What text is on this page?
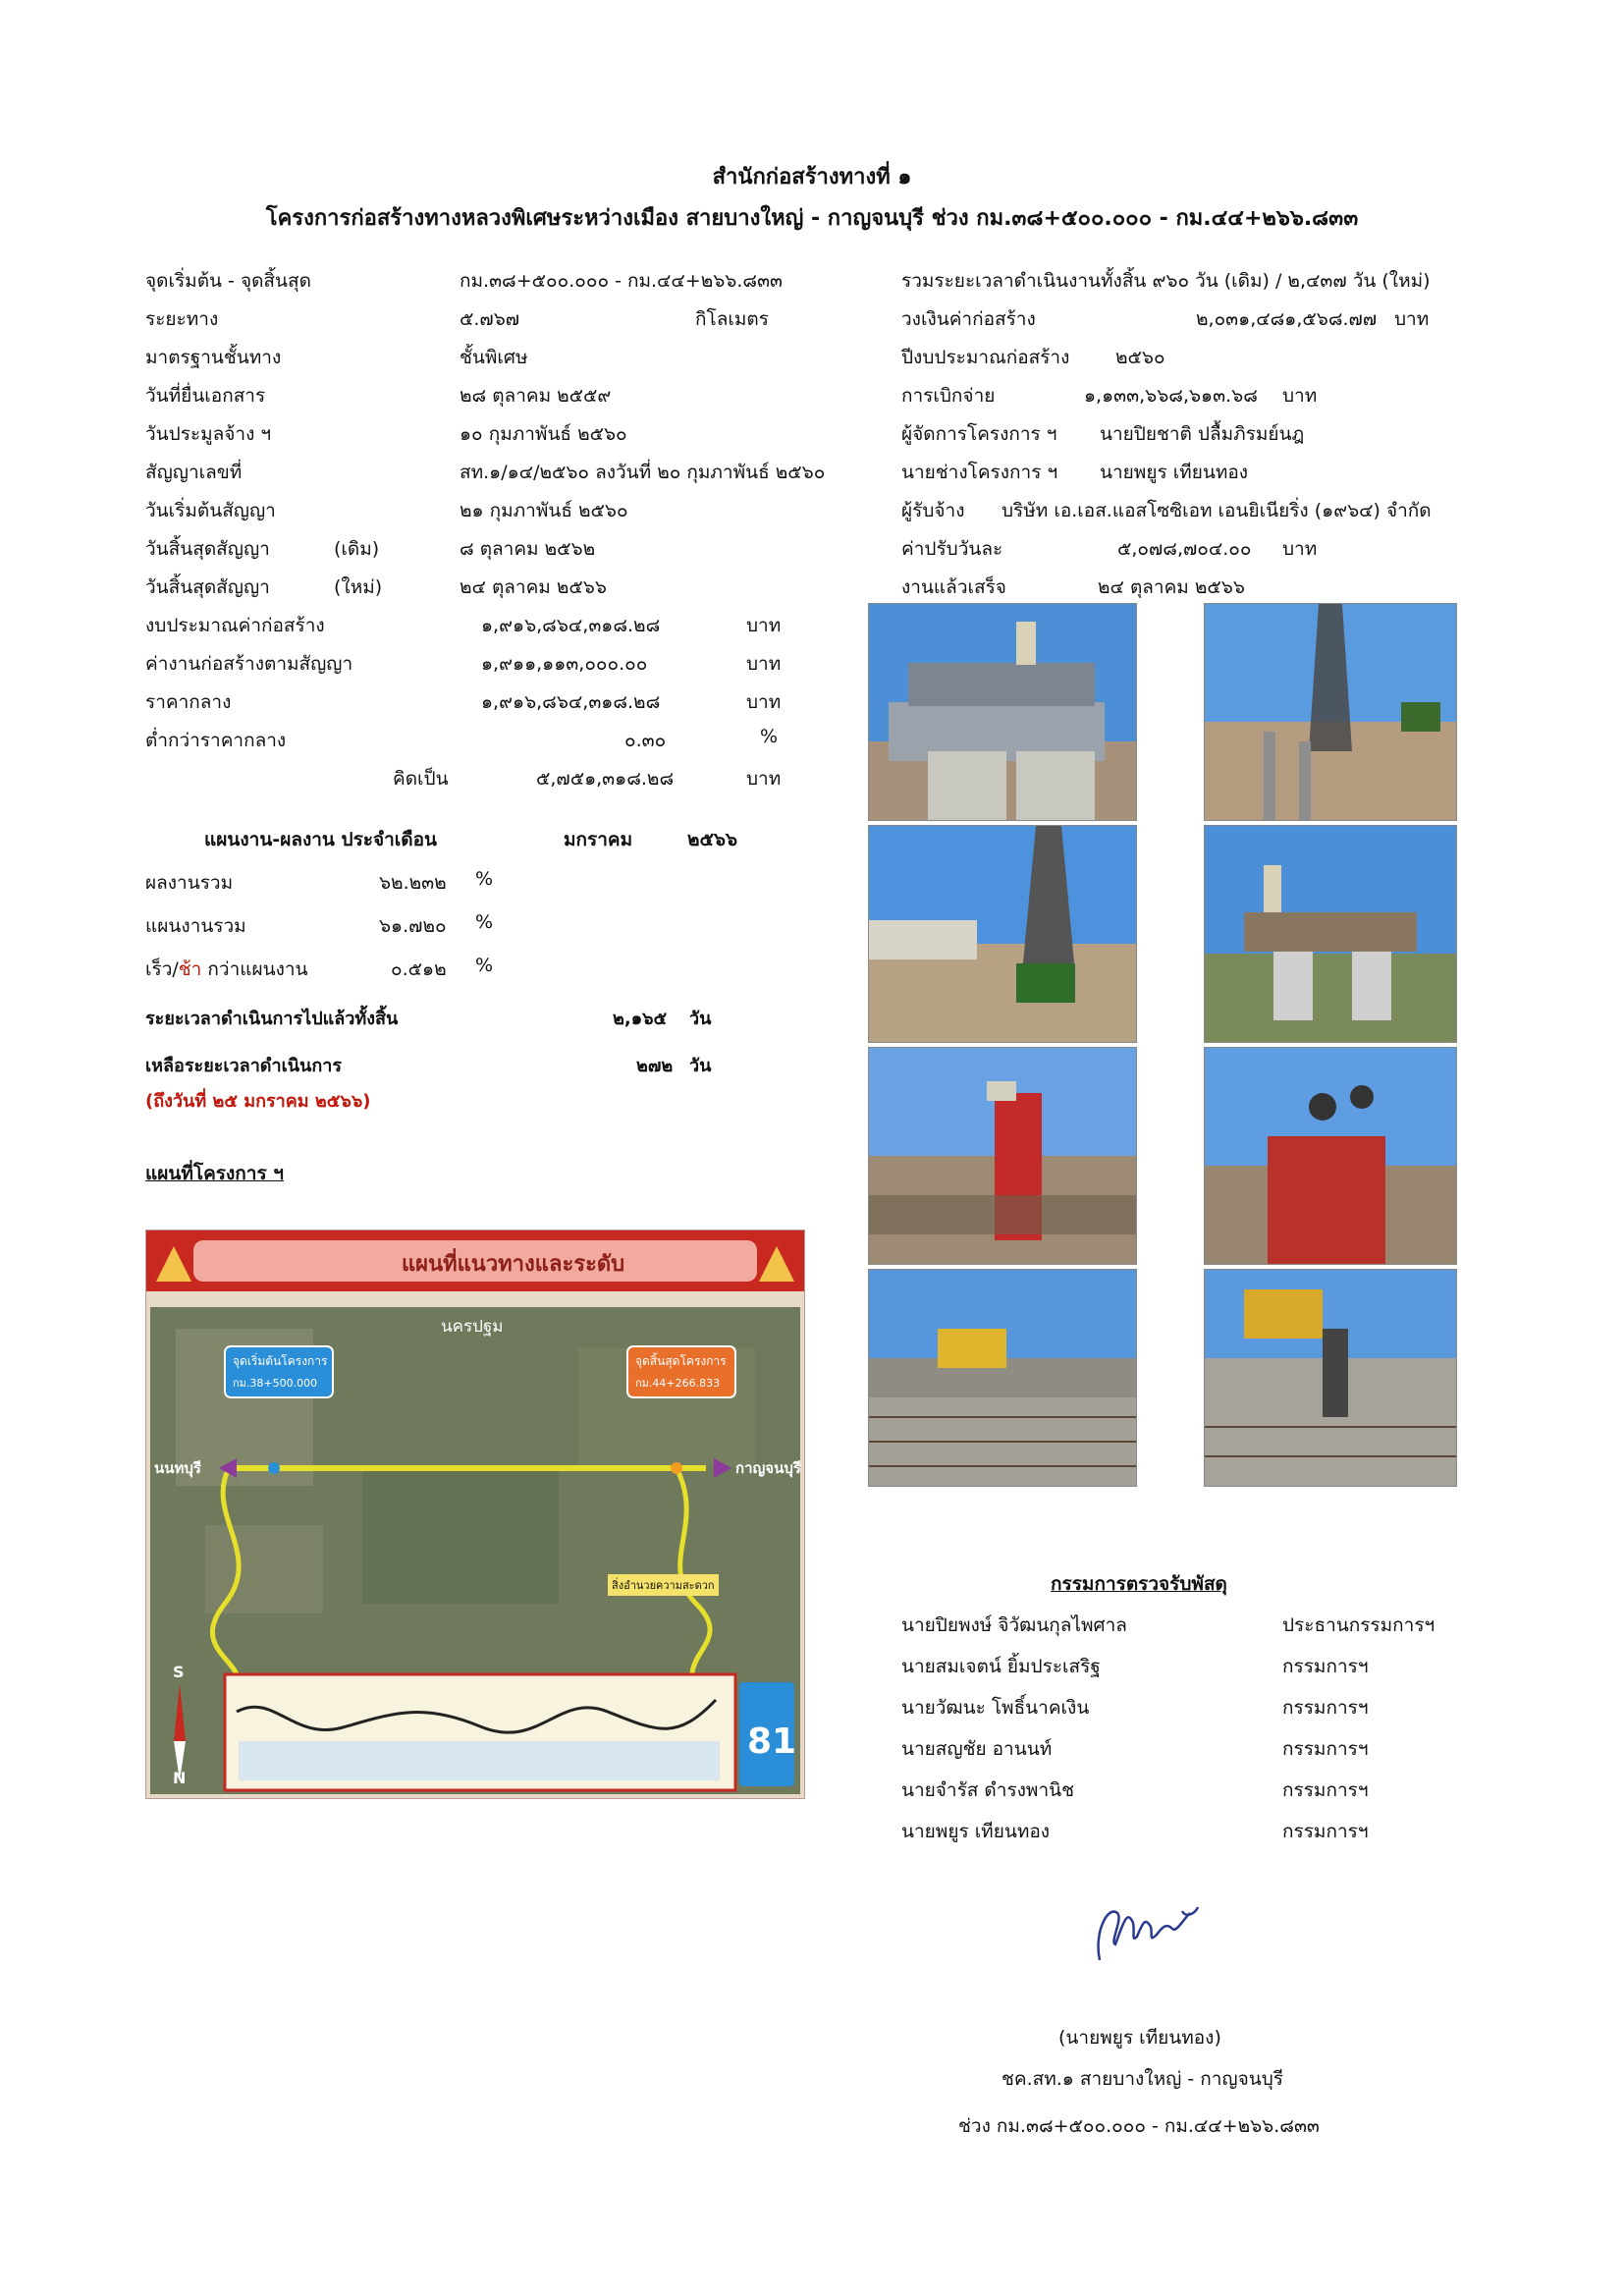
สำนักก่อสร้างทางที่ ๑
โครงการก่อสร้างทางหลวงพิเศษระหว่างเมือง สายบางใหญ่ - กาญจนบุรี ช่วง กม.๓๘+๕๐๐.๐๐๐ - กม.๔๔+๒๖๖.๘๓๓
จุดเริ่มต้น - จุดสิ้นสุด	กม.๓๘+๕๐๐.๐๐๐ - กม.๔๔+๒๖๖.๘๓๓
ระยะทาง	๕.๗๖๗	กิโลเมตร
มาตรฐานชั้นทาง	ชั้นพิเศษ
วันที่ยื่นเอกสาร	๒๘ ตุลาคม ๒๕๕๙
วันประมูลจ้าง ฯ	๑๐ กุมภาพันธ์ ๒๕๖๐
สัญญาเลขที่	สท.๑/๑๔/๒๕๖๐ ลงวันที่ ๒๐ กุมภาพันธ์ ๒๕๖๐
วันเริ่มต้นสัญญา	๒๑ กุมภาพันธ์ ๒๕๖๐
วันสิ้นสุดสัญญา	(เดิม)	๘ ตุลาคม ๒๕๖๒
วันสิ้นสุดสัญญา	(ใหม่)	๒๔ ตุลาคม ๒๕๖๖
งบประมาณค่าก่อสร้าง	๑,๙๑๖,๘๖๔,๓๑๘.๒๘	บาท
ค่างานก่อสร้างตามสัญญา	๑,๙๑๑,๑๑๓,๐๐๐.๐๐	บาท
ราคากลาง	๑,๙๑๖,๘๖๔,๓๑๘.๒๘	บาท
ต่ำกว่าราคากลาง	๐.๓๐	%
คิดเป็น	๕,๗๕๑,๓๑๘.๒๘	บาท
แผนงาน-ผลงาน ประจำเดือน	มกราคม	๒๕๖๖
ผลงานรวม	๖๒.๒๓๒ %
แผนงานรวม	๖๑.๗๒๐ %
เร็ว/ช้า กว่าแผนงาน	๐.๕๑๒ %
ระยะเวลาดำเนินการไปแล้วทั้งสิ้น	๒,๑๖๕ วัน
เหลือระยะเวลาดำเนินการ	๒๗๒ วัน
(ถึงวันที่ ๒๕ มกราคม ๒๕๖๖)
แผนที่โครงการ ฯ
แผนที่แนวทางและระดับ
นครปฐม
นนทบุรี	กาญจนบุรี
จุดเริ่มต้นโครงการ
กม.38+500.000
จุดสิ้นสุดโครงการ
กม.44+266.833
สิ่งอำนวยความสะดวก
81
S
N
รวมระยะเวลาดำเนินงานทั้งสิ้น ๙๖๐ วัน (เดิม) / ๒,๔๓๗ วัน (ใหม่)
วงเงินค่าก่อสร้าง	๒,๐๓๑,๔๘๑,๕๖๘.๗๗ บาท
ปีงบประมาณก่อสร้าง ๒๕๖๐
การเบิกจ่าย	๑,๑๓๓,๖๖๘,๖๑๓.๖๘ บาท
ผู้จัดการโครงการ ฯ นายปิยชาติ ปลื้มภิรมย์นฎ
นายช่างโครงการ ฯ นายพยูร เทียนทอง
ผู้รับจ้าง บริษัท เอ.เอส.แอสโซซิเอท เอนยิเนียริ่ง (๑๙๖๔) จำกัด
ค่าปรับวันละ	๕,๐๗๘,๗๐๔.๐๐ บาท
งานแล้วเสร็จ	๒๔ ตุลาคม ๒๕๖๖
กรรมการตรวจรับพัสดุ
นายปิยพงษ์ จิวัฒนกุลไพศาล	ประธานกรรมการฯ
นายสมเจตน์ ยิ้มประเสริฐ	กรรมการฯ
นายวัฒนะ โพธิ์นาคเงิน	กรรมการฯ
นายสญชัย อานนท์	กรรมการฯ
นายจำรัส ดำรงพานิช	กรรมการฯ
นายพยูร เทียนทอง	กรรมการฯ
(นายพยูร เทียนทอง)
ชค.สท.๑ สายบางใหญ่ - กาญจนบุรี
ช่วง กม.๓๘+๕๐๐.๐๐๐ - กม.๔๔+๒๖๖.๘๓๓
